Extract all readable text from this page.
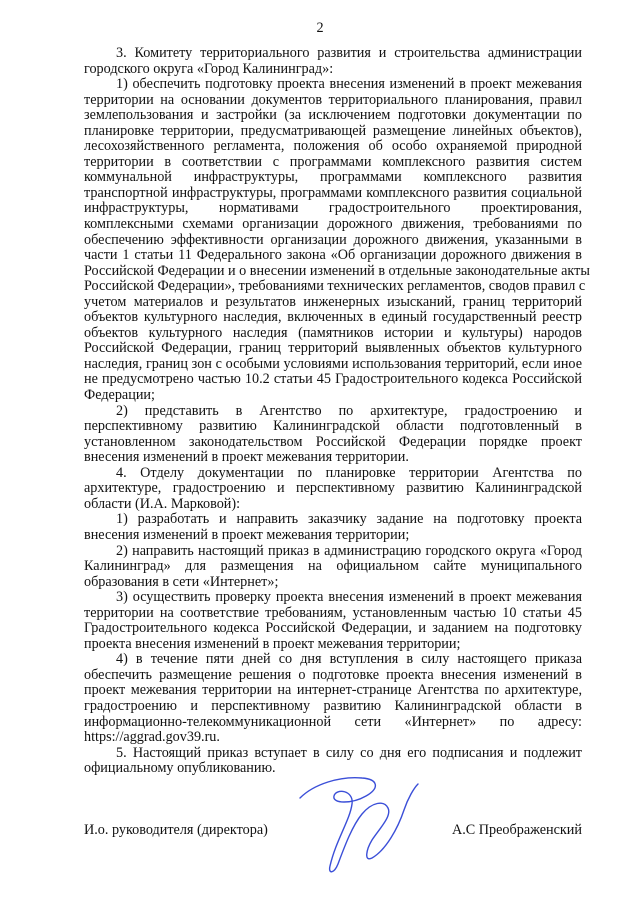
2
3. Комитету территориального развития и строительства администрации
городского округа «Город Калининград»:
1) обеспечить подготовку проекта внесения изменений в проект межевания
территории на основании документов территориального планирования, правил
землепользования и застройки (за исключением подготовки документации по
планировке территории, предусматривающей размещение линейных объектов),
лесохозяйственного регламента, положения об особо охраняемой природной
территории в соответствии с программами комплексного развития систем
коммунальной инфраструктуры, программами комплексного развития
транспортной инфраструктуры, программами комплексного развития социальной
инфраструктуры, нормативами градостроительного проектирования,
комплексными схемами организации дорожного движения, требованиями по
обеспечению эффективности организации дорожного движения, указанными в
части 1 статьи 11 Федерального закона «Об организации дорожного движения в
Российской Федерации и о внесении изменений в отдельные законодательные акты
Российской Федерации», требованиями технических регламентов, сводов правил с
учетом материалов и результатов инженерных изысканий, границ территорий
объектов культурного наследия, включенных в единый государственный реестр
объектов культурного наследия (памятников истории и культуры) народов
Российской Федерации, границ территорий выявленных объектов культурного
наследия, границ зон с особыми условиями использования территорий, если иное
не предусмотрено частью 10.2 статьи 45 Градостроительного кодекса Российской
Федерации;
2) представить в Агентство по архитектуре, градостроению и
перспективному развитию Калининградской области подготовленный в
установленном законодательством Российской Федерации порядке проект
внесения изменений в проект межевания территории.
4. Отделу документации по планировке территории Агентства по
архитектуре, градостроению и перспективному развитию Калининградской
области (И.А. Марковой):
1) разработать и направить заказчику задание на подготовку проекта
внесения изменений в проект межевания территории;
2) направить настоящий приказ в администрацию городского округа «Город
Калининград» для размещения на официальном сайте муниципального
образования в сети «Интернет»;
3) осуществить проверку проекта внесения изменений в проект межевания
территории на соответствие требованиям, установленным частью 10 статьи 45
Градостроительного кодекса Российской Федерации, и заданием на подготовку
проекта внесения изменений в проект межевания территории;
4) в течение пяти дней со дня вступления в силу настоящего приказа
обеспечить размещение решения о подготовке проекта внесения изменений в
проект межевания территории на интернет-странице Агентства по архитектуре,
градостроению и перспективному развитию Калининградской области в
информационно-телекоммуникационной сети «Интернет» по адресу:
https://aggrad.gov39.ru.
5. Настоящий приказ вступает в силу со дня его подписания и подлежит
официальному опубликованию.
И.о. руководителя (директора)	А.С Преображенский
